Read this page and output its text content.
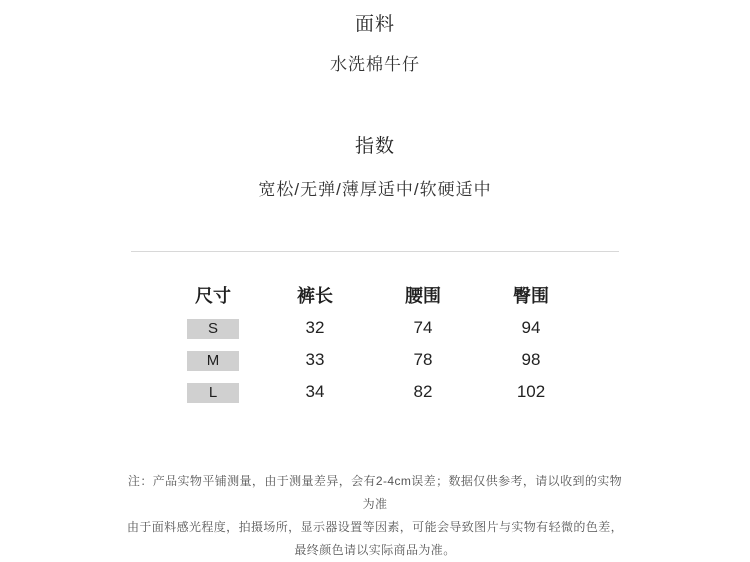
面料
水洗棉牛仔
指数
宽松/无弹/薄厚适中/软硬适中
尺寸	裤长	腰围	臀围
S	32	74	94
M	33	78	98
L	34	82	102

注：产品实物平铺测量，由于测量差异，会有2-4cm误差；数据仅供参考，请以收到的实物为准

由于面料感光程度，拍摄场所，显示器设置等因素，可能会导致图片与实物有轻微的色差，

最终颜色请以实际商品为准。
